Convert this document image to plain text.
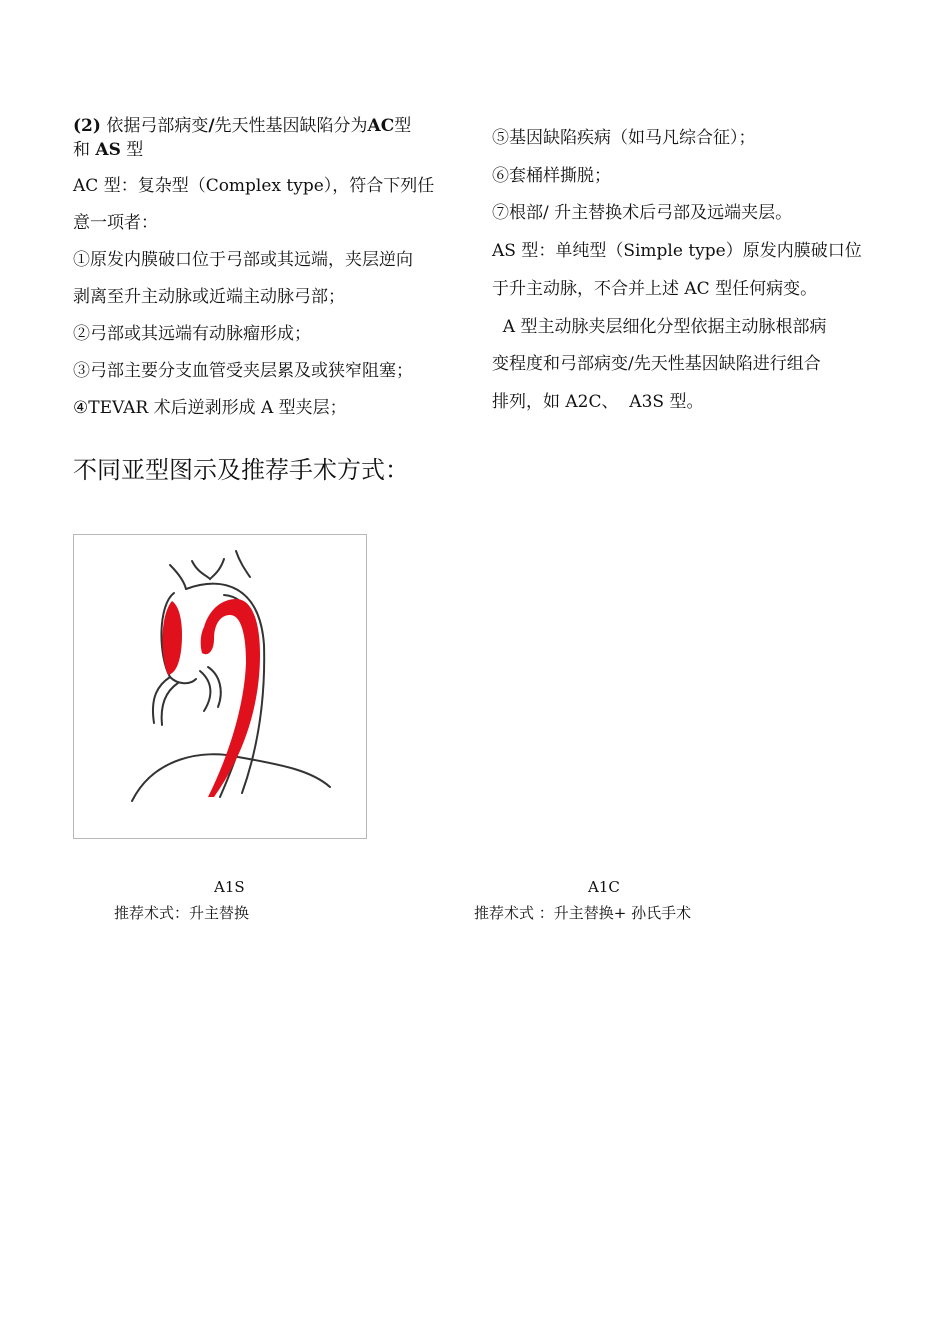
(2) 依据弓部病变/先天性基因缺陷分为AC型

和 AS 型

AC 型：复杂型（Complex type），符合下列任

意一项者：

①原发内膜破口位于弓部或其远端，夹层逆向

剥离至升主动脉或近端主动脉弓部；

②弓部或其远端有动脉瘤形成；

③弓部主要分支血管受夹层累及或狭窄阻塞；

④TEVAR 术后逆剥形成 A 型夹层；

⑤基因缺陷疾病（如马凡综合征）；

⑥套桶样撕脱；

⑦根部/ 升主替换术后弓部及远端夹层。

AS 型：单纯型（Simple type）原发内膜破口位

于升主动脉，不合并上述 AC 型任何病变。

A 型主动脉夹层细化分型依据主动脉根部病

变程度和弓部病变/先天性基因缺陷进行组合

排列，如 A2C、  A3S 型。

不同亚型图示及推荐手术方式：

A1S

推荐术式：升主替换

A1C

推荐术式 ：升主替换+ 孙氏手术
